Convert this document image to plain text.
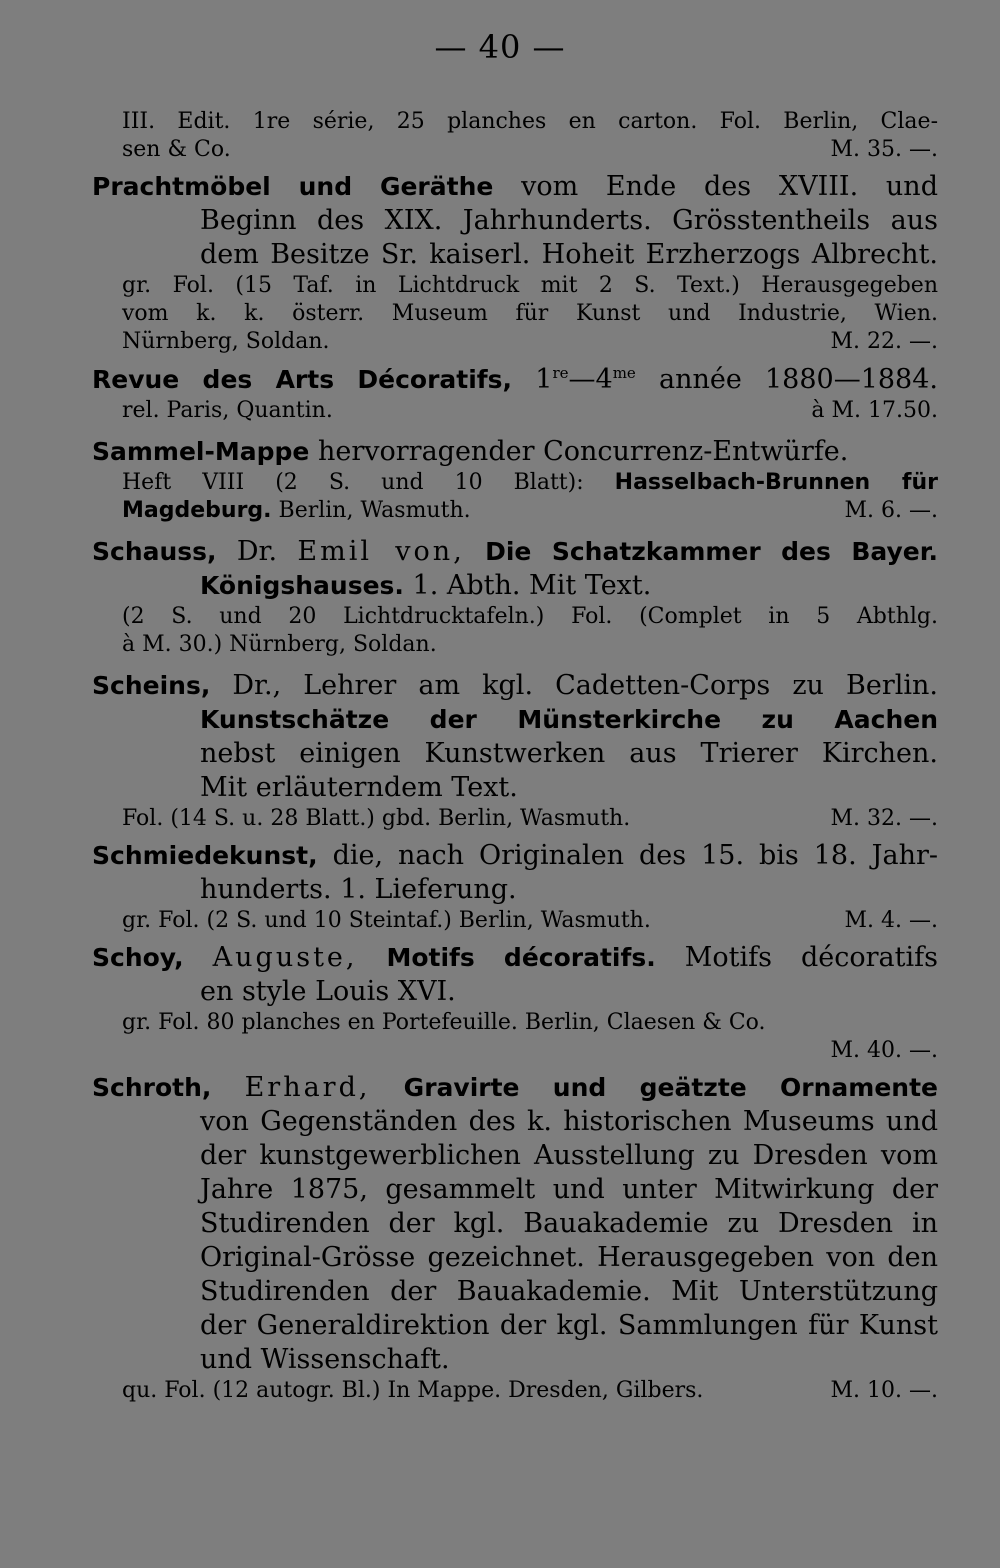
— 40 —
III. Edit. 1re série, 25 planches en carton. Fol. Berlin, Clae-
sen & Co.	M. 35. —.
Prachtmöbel und Geräthe vom Ende des XVIII. und
Beginn des XIX. Jahrhunderts. Grösstentheils aus
dem Besitze Sr. kaiserl. Hoheit Erzherzogs Albrecht.
gr. Fol. (15 Taf. in Lichtdruck mit 2 S. Text.) Herausgegeben
vom k. k. österr. Museum für Kunst und Industrie, Wien.
Nürnberg, Soldan.	M. 22. —.
Revue des Arts Décoratifs, $1re—4^{me}$ année 1880—1884.
rel. Paris, Quantin.	à M. 17.50.
Sammel-Mappe hervorragender Concurrenz-Entwürfe.
Heft VIII (2 S. und 10 Blatt): Hasselbach-Brunnen für
Magdeburg. Berlin, Wasmuth.	M. 6. —.
Schauss, Dr. Emil von, Die Schatzkammer des Bayer.
Königshauses. 1. Abth. Mit Text.
(2 S. und 20 Lichtdrucktafeln.) Fol. (Complet in 5 Abthlg.
à M. 30.) Nürnberg, Soldan.
Scheins, Dr., Lehrer am kgl. Cadetten-Corps zu Berlin.
Kunstschätze der Münsterkirche zu Aachen
nebst einigen Kunstwerken aus Trierer Kirchen.
Mit erläuterndem Text.
Fol. (14 S. u. 28 Blatt.) gbd. Berlin, Wasmuth.	M. 32. —.
Schmiedekunst, die, nach Originalen des 15. bis 18. Jahr-
hunderts. 1. Lieferung.
gr. Fol. (2 S. und 10 Steintaf.) Berlin, Wasmuth.	M. 4. —.
Schoy, Auguste, Motifs décoratifs. Motifs décoratifs
en style Louis XVI.
gr. Fol. 80 planches en Portefeuille. Berlin, Claesen & Co.
M. 40. —.
Schroth, Erhard, Gravirte und geätzte Ornamente
von Gegenständen des k. historischen Museums und
der kunstgewerblichen Ausstellung zu Dresden vom
Jahre 1875, gesammelt und unter Mitwirkung der
Studirenden der kgl. Bauakademie zu Dresden in
Original-Grösse gezeichnet. Herausgegeben von den
Studirenden der Bauakademie. Mit Unterstützung
der Generaldirektion der kgl. Sammlungen für Kunst
und Wissenschaft.
qu. Fol. (12 autogr. Bl.) In Mappe. Dresden, Gilbers.	M. 10. —.
